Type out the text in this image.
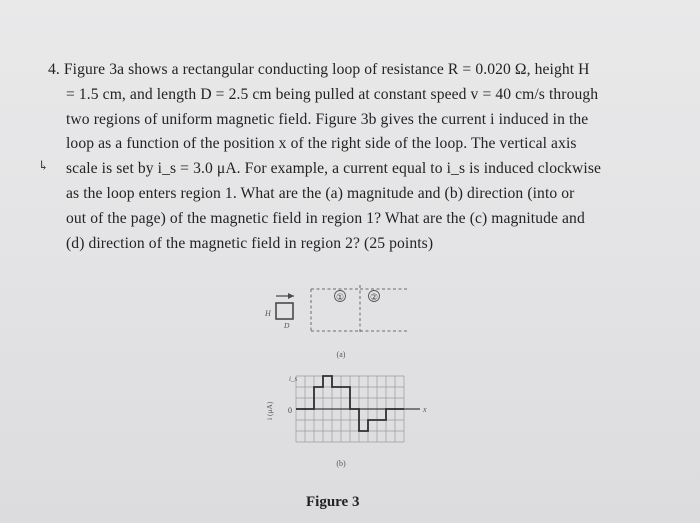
4. Figure 3a shows a rectangular conducting loop of resistance R = 0.020 Ω, height H
= 1.5 cm, and length D = 2.5 cm being pulled at constant speed v = 40 cm/s through
two regions of uniform magnetic field. Figure 3b gives the current i induced in the
loop as a function of the position x of the right side of the loop. The vertical axis
scale is set by i_s = 3.0 μA. For example, a current equal to i_s is induced clockwise
as the loop enters region 1. What are the (a) magnitude and (b) direction (into or
out of the page) of the magnetic field in region 1? What are the (c) magnitude and
(d) direction of the magnetic field in region 2? (25 points)
↳
H
D
①	②
(a)
x
i_s
0
i (μA)
(b)
Figure 3
